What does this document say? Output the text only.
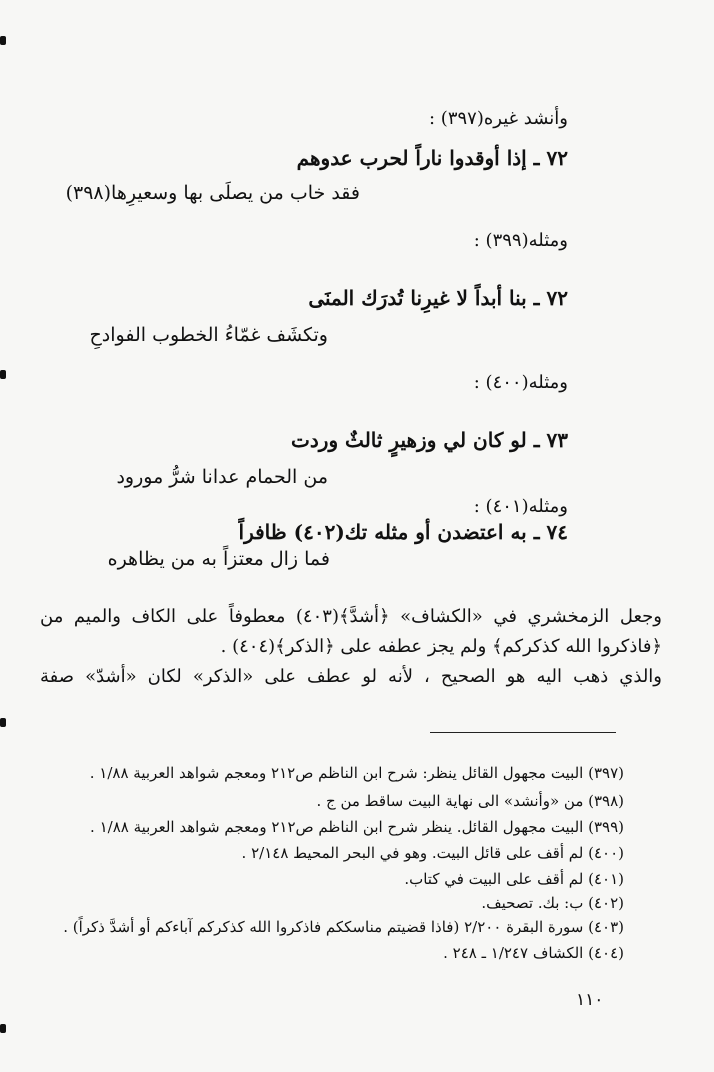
وأنشد غيره(٣٩٧) :
٧٢ ـ إذا أوقدوا ناراً لحرب عدوهم
فقد خاب من يصلَى بها وسعيرِها(٣٩٨)
ومثله(٣٩٩) :
٧٢ ـ بنا أبداً لا غيرِنا تُدرَك المنَى
وتكشَف غمّاءُ الخطوب الفوادحِ
ومثله(٤٠٠) :
٧٣ ـ لو كان لي وزهيرٍ ثالثٌ وردت
من الحمام عدانا شرُّ مورود
ومثله(٤٠١) :
٧٤ ـ به اعتضدن أو مثله تك(٤٠٢) ظافراً
فما زال معتزاً به من يظاهره
وجعل الزمخشري في «الكشاف» ﴿أشدَّ﴾(٤٠٣) معطوفاً على الكاف والميم من
﴿فاذكروا الله كذكركم﴾ ولم يجز عطفه على ﴿الذكر﴾(٤٠٤) .
والذي ذهب اليه هو الصحيح ، لأنه لو عطف على «الذكر» لكان «أشدّ» صفة
(٣٩٧) البيت مجهول القائل ينظر: شرح ابن الناظم ص٢١٢ ومعجم شواهد العربية ١/٨٨ .
(٣٩٨) من «وأنشد» الى نهاية البيت ساقط من ج .
(٣٩٩) البيت مجهول القائل. ينظر شرح ابن الناظم ص٢١٢ ومعجم شواهد العربية ١/٨٨ .
(٤٠٠) لم أقف على قائل البيت. وهو في البحر المحيط ٢/١٤٨ .
(٤٠١) لم أقف على البيت في كتاب.
(٤٠٢) ب: بك. تصحيف.
(٤٠٣) سورة البقرة ٢/٢٠٠ (فاذا قضيتم مناسككم فاذكروا الله كذكركم آباءكم أو أشدَّ ذكراً) .
(٤٠٤) الكشاف ١/٢٤٧ ـ ٢٤٨ .
١١٠
